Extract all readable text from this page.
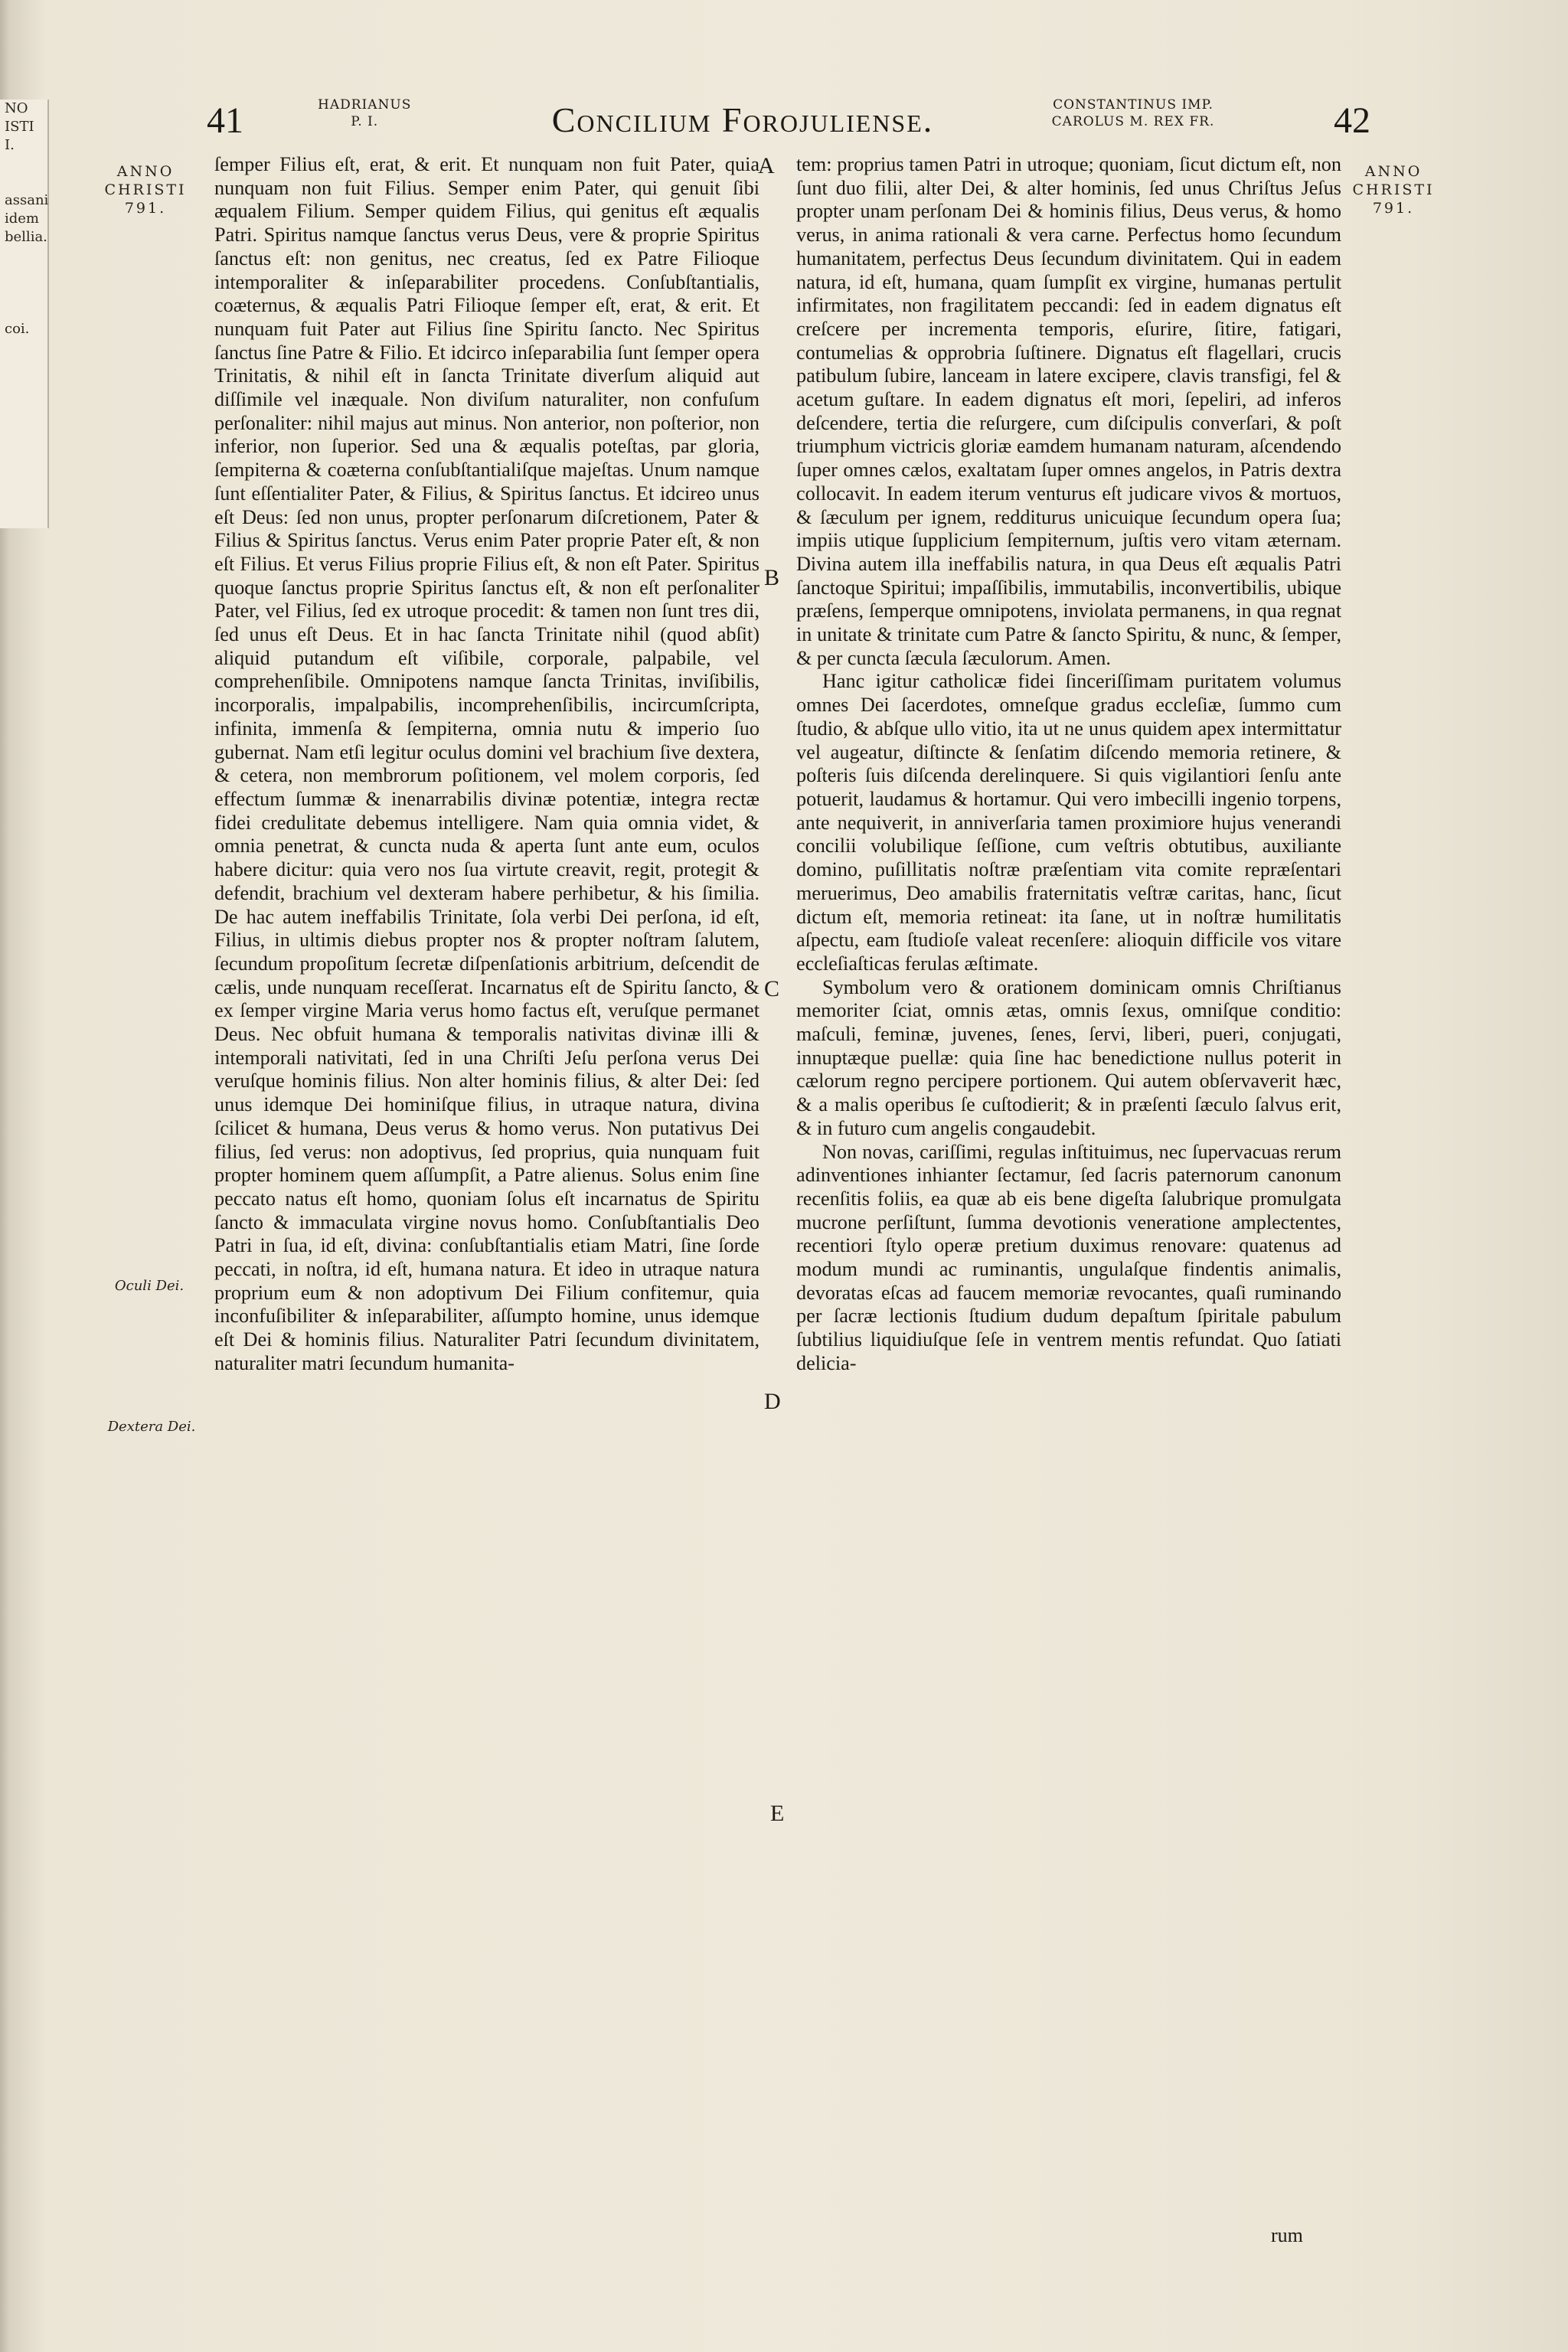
NO
ISTI
I.

assani
idem
bellia.

coi.
41	HADRIANUS
P. I.	Concilium Forojuliense.	CONSTANTINUS IMP.
CAROLUS M. REX FR.	42
ANNO
CHRISTI
791.
ANNO
CHRISTI
791.
Oculi Dei.
Dextera Dei.
A
B
C
D
E

ſemper Filius eſt, erat, & erit. Et nunquam non fuit Pater, quia nunquam non fuit Filius. Semper enim Pater, qui genuit ſibi æqualem Filium. Semper quidem Filius, qui genitus eſt æqualis Patri. Spiritus namque ſanctus verus Deus, vere & proprie Spiritus ſanctus eſt: non genitus, nec creatus, ſed ex Patre Filioque intemporaliter & inſeparabiliter procedens. Conſubſtantialis, coæternus, & æqualis Patri Filioque ſemper eſt, erat, & erit. Et nunquam fuit Pater aut Filius ſine Spiritu ſancto. Nec Spiritus ſanctus ſine Patre & Filio. Et idcirco inſeparabilia ſunt ſemper opera Trinitatis, & nihil eſt in ſancta Trinitate diverſum aliquid aut diſſimile vel inæquale. Non diviſum naturaliter, non confuſum perſonaliter: nihil majus aut minus. Non anterior, non poſterior, non inferior, non ſuperior. Sed una & æqualis poteſtas, par gloria, ſempiterna & coæterna conſubſtantialiſque majeſtas. Unum namque ſunt eſſentialiter Pater, & Filius, & Spiritus ſanctus. Et idcireo unus eſt Deus: ſed non unus, propter perſonarum diſcretionem, Pater & Filius & Spiritus ſanctus. Verus enim Pater proprie Pater eſt, & non eſt Filius. Et verus Filius proprie Filius eſt, & non eſt Pater. Spiritus quoque ſanctus proprie Spiritus ſanctus eſt, & non eſt perſonaliter Pater, vel Filius, ſed ex utroque procedit: & tamen non ſunt tres dii, ſed unus eſt Deus. Et in hac ſancta Trinitate nihil (quod abſit) aliquid putandum eſt viſibile, corporale, palpabile, vel comprehenſibile. Omnipotens namque ſancta Trinitas, inviſibilis, incorporalis, impalpabilis, incomprehenſibilis, incircumſcripta, infinita, immenſa & ſempiterna, omnia nutu & imperio ſuo gubernat. Nam etſi legitur oculus domini vel brachium ſive dextera, & cetera, non membrorum poſitionem, vel molem corporis, ſed effectum ſummæ & inenarrabilis divinæ potentiæ, integra rectæ fidei credulitate debemus intelligere. Nam quia omnia videt, & omnia penetrat, & cuncta nuda & aperta ſunt ante eum, oculos habere dicitur: quia vero nos ſua virtute creavit, regit, protegit & defendit, brachium vel dexteram habere perhibetur, & his ſimilia. De hac autem ineffabilis Trinitate, ſola verbi Dei perſona, id eſt, Filius, in ultimis diebus propter nos & propter noſtram ſalutem, ſecundum propoſitum ſecretæ diſpenſationis arbitrium, deſcendit de cælis, unde nunquam receſſerat. Incarnatus eſt de Spiritu ſancto, & ex ſemper virgine Maria verus homo factus eſt, veruſque permanet Deus. Nec obfuit humana & temporalis nativitas divinæ illi & intemporali nativitati, ſed in una Chriſti Jeſu perſona verus Dei veruſque hominis filius. Non alter hominis filius, & alter Dei: ſed unus idemque Dei hominiſque filius, in utraque natura, divina ſcilicet & humana, Deus verus & homo verus. Non putativus Dei filius, ſed verus: non adoptivus, ſed proprius, quia nunquam fuit propter hominem quem aſſumpſit, a Patre alienus. Solus enim ſine peccato natus eſt homo, quoniam ſolus eſt incarnatus de Spiritu ſancto & immaculata virgine novus homo. Conſubſtantialis Deo Patri in ſua, id eſt, divina: conſubſtantialis etiam Matri, ſine ſorde peccati, in noſtra, id eſt, humana natura. Et ideo in utraque natura proprium eum & non adoptivum Dei Filium confitemur, quia inconfuſibiliter & inſeparabiliter, aſſumpto homine, unus idemque eſt Dei & hominis filius. Naturaliter Patri ſecundum divinitatem, naturaliter matri ſecundum humanita-

tem: proprius tamen Patri in utroque; quoniam, ſicut dictum eſt, non ſunt duo filii, alter Dei, & alter hominis, ſed unus Chriſtus Jeſus propter unam perſonam Dei & hominis filius, Deus verus, & homo verus, in anima rationali & vera carne. Perfectus homo ſecundum humanitatem, perfectus Deus ſecundum divinitatem. Qui in eadem natura, id eſt, humana, quam ſumpſit ex virgine, humanas pertulit infirmitates, non fragilitatem peccandi: ſed in eadem dignatus eſt creſcere per incrementa temporis, eſurire, ſitire, fatigari, contumelias & opprobria ſuſtinere. Dignatus eſt flagellari, crucis patibulum ſubire, lanceam in latere excipere, clavis transfigi, fel & acetum guſtare. In eadem dignatus eſt mori, ſepeliri, ad inferos deſcendere, tertia die reſurgere, cum diſcipulis converſari, & poſt triumphum victricis gloriæ eamdem humanam naturam, aſcendendo ſuper omnes cælos, exaltatam ſuper omnes angelos, in Patris dextra collocavit. In eadem iterum venturus eſt judicare vivos & mortuos, & ſæculum per ignem, redditurus unicuique ſecundum opera ſua; impiis utique ſupplicium ſempiternum, juſtis vero vitam æternam. Divina autem illa ineffabilis natura, in qua Deus eſt æqualis Patri ſanctoque Spiritui; impaſſibilis, immutabilis, inconvertibilis, ubique præſens, ſemperque omnipotens, inviolata permanens, in qua regnat in unitate & trinitate cum Patre & ſancto Spiritu, & nunc, & ſemper, & per cuncta ſæcula ſæculorum. Amen.

Hanc igitur catholicæ fidei ſinceriſſimam puritatem volumus omnes Dei ſacerdotes, omneſque gradus eccleſiæ, ſummo cum ſtudio, & abſque ullo vitio, ita ut ne unus quidem apex intermittatur vel augeatur, diſtincte & ſenſatim diſcendo memoria retinere, & poſteris ſuis diſcenda derelinquere. Si quis vigilantiori ſenſu ante potuerit, laudamus & hortamur. Qui vero imbecilli ingenio torpens, ante nequiverit, in anniverſaria tamen proximiore hujus venerandi concilii volubilique ſeſſione, cum veſtris obtutibus, auxiliante domino, puſillitatis noſtræ præſentiam vita comite repræſentari meruerimus, Deo amabilis fraternitatis veſtræ caritas, hanc, ſicut dictum eſt, memoria retineat: ita ſane, ut in noſtræ humilitatis aſpectu, eam ſtudioſe valeat recenſere: alioquin difficile vos vitare eccleſiaſticas ferulas æſtimate.

Symbolum vero & orationem dominicam omnis Chriſtianus memoriter ſciat, omnis ætas, omnis ſexus, omniſque conditio: maſculi, feminæ, juvenes, ſenes, ſervi, liberi, pueri, conjugati, innuptæque puellæ: quia ſine hac benedictione nullus poterit in cælorum regno percipere portionem. Qui autem obſervaverit hæc, & a malis operibus ſe cuſtodierit; & in præſenti ſæculo ſalvus erit, & in futuro cum angelis congaudebit.

Non novas, cariſſimi, regulas inſtituimus, nec ſupervacuas rerum adinventiones inhianter ſectamur, ſed ſacris paternorum canonum recenſitis foliis, ea quæ ab eis bene digeſta ſalubrique promulgata mucrone perſiſtunt, ſumma devotionis veneratione amplectentes, recentiori ſtylo operæ pretium duximus renovare: quatenus ad modum mundi ac ruminantis, ungulaſque findentis animalis, devoratas eſcas ad faucem memoriæ revocantes, quaſi ruminando per ſacræ lectionis ſtudium dudum depaſtum ſpiritale pabulum ſubtilius liquidiuſque ſeſe in ventrem mentis refundat. Quo ſatiati delicia-

rum
